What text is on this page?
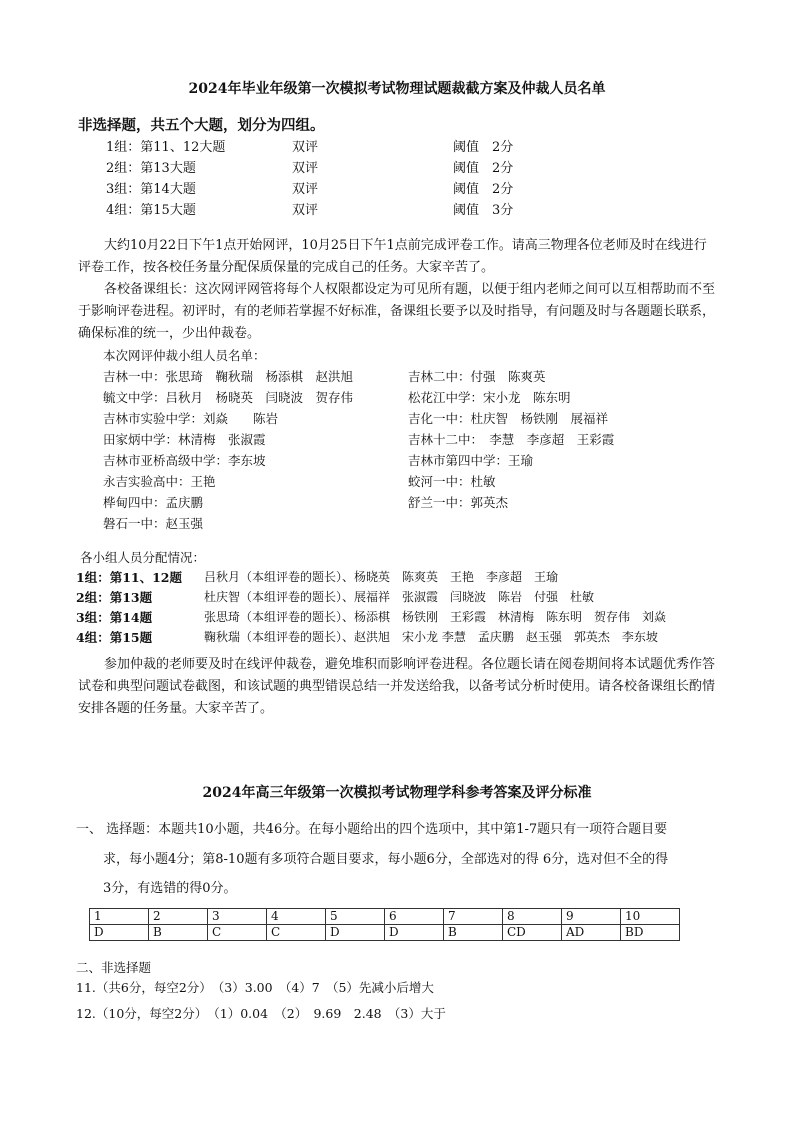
2024年毕业年级第一次模拟考试物理试题裁截方案及仲裁人员名单
非选择题，共五个大题，划分为四组。
1组：第11、12大题	双评	阈值　2分
2组：第13大题	双评	阈值　2分
3组：第14大题	双评	阈值　2分
4组：第15大题	双评	阈值　3分
大约10月22日下午1点开始网评，10月25日下午1点前完成评卷工作。请高三物理各位老师及时在线进行评卷工作，按各校任务量分配保质保量的完成自己的任务。大家辛苦了。
各校备课组长：这次网评网管将每个人权限都设定为可见所有题，以便于组内老师之间可以互相帮助而不至于影响评卷进程。初评时，有的老师若掌握不好标准，备课组长要予以及时指导，有问题及时与各题题长联系，确保标准的统一，少出仲裁卷。
本次网评仲裁小组人员名单：
吉林一中：张思琦　鞠秋瑞　杨添棋　赵洪旭
毓文中学：吕秋月　杨晓英　闫晓波　贺存伟
吉林市实验中学：刘焱　　陈岩
田家炳中学：林清梅　张淑霞
吉林市亚桥高级中学：李东坡
永吉实验高中：王艳
桦甸四中：孟庆鹏
磐石一中：赵玉强
吉林二中：付强　陈爽英
松花江中学：宋小龙　陈东明
吉化一中：杜庆智　杨铁刚　展福祥
吉林十二中：　李慧　李彦超　王彩霞
吉林市第四中学：王瑜
蛟河一中：杜敏
舒兰一中：郭英杰
各小组人员分配情况：
1组：第11、12题 吕秋月（本组评卷的题长）、杨晓英　陈爽英　王艳　李彦超　王瑜
2组：第13题	杜庆智（本组评卷的题长）、展福祥　张淑霞　闫晓波　陈岩　付强　杜敏
3组：第14题	张思琦（本组评卷的题长）、杨添棋　杨铁刚　王彩霞　林清梅　陈东明　贺存伟　刘焱
4组：第15题	鞠秋瑞（本组评卷的题长）、赵洪旭　宋小龙 李慧　孟庆鹏　赵玉强　郭英杰　李东坡
参加仲裁的老师要及时在线评仲裁卷，避免堆积而影响评卷进程。各位题长请在阅卷期间将本试题优秀作答试卷和典型问题试卷截图，和该试题的典型错误总结一并发送给我，以备考试分析时使用。请各校备课组长酌情安排各题的任务量。大家辛苦了。
2024年高三年级第一次模拟考试物理学科参考答案及评分标准
一、 选择题：本题共10小题，共46分。在每小题给出的四个选项中，其中第1-7题只有一项符合题目要
求，每小题4分；第8-10题有多项符合题目要求，每小题6分，全部选对的得 6分，选对但不全的得
3分，有选错的得0分。
1	2	3	4	5	6	7	8	9	10
D	B	C	C	D	D	B	CD	AD	BD
二、非选择题
11.（共6分，每空2分）　（3）3.00　（4）7　（5）先减小后增大
12.（10分，每空2分）　（1）0.04　（2）　9.69　2.48　（3）大于
